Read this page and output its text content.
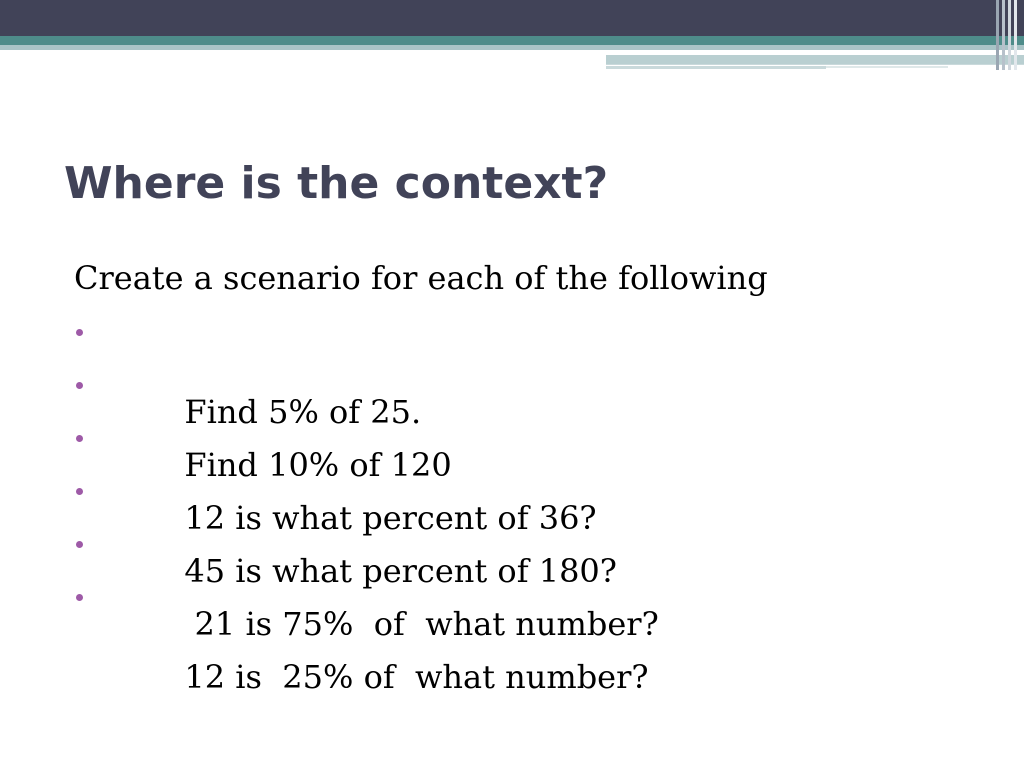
Where is the context?

Create a scenario for each of the following

Find 5% of 25.

Find 10% of 120

12 is what percent of 36?

45 is what percent of 180?

21 is 75%  of  what number?

12 is  25% of  what number?
